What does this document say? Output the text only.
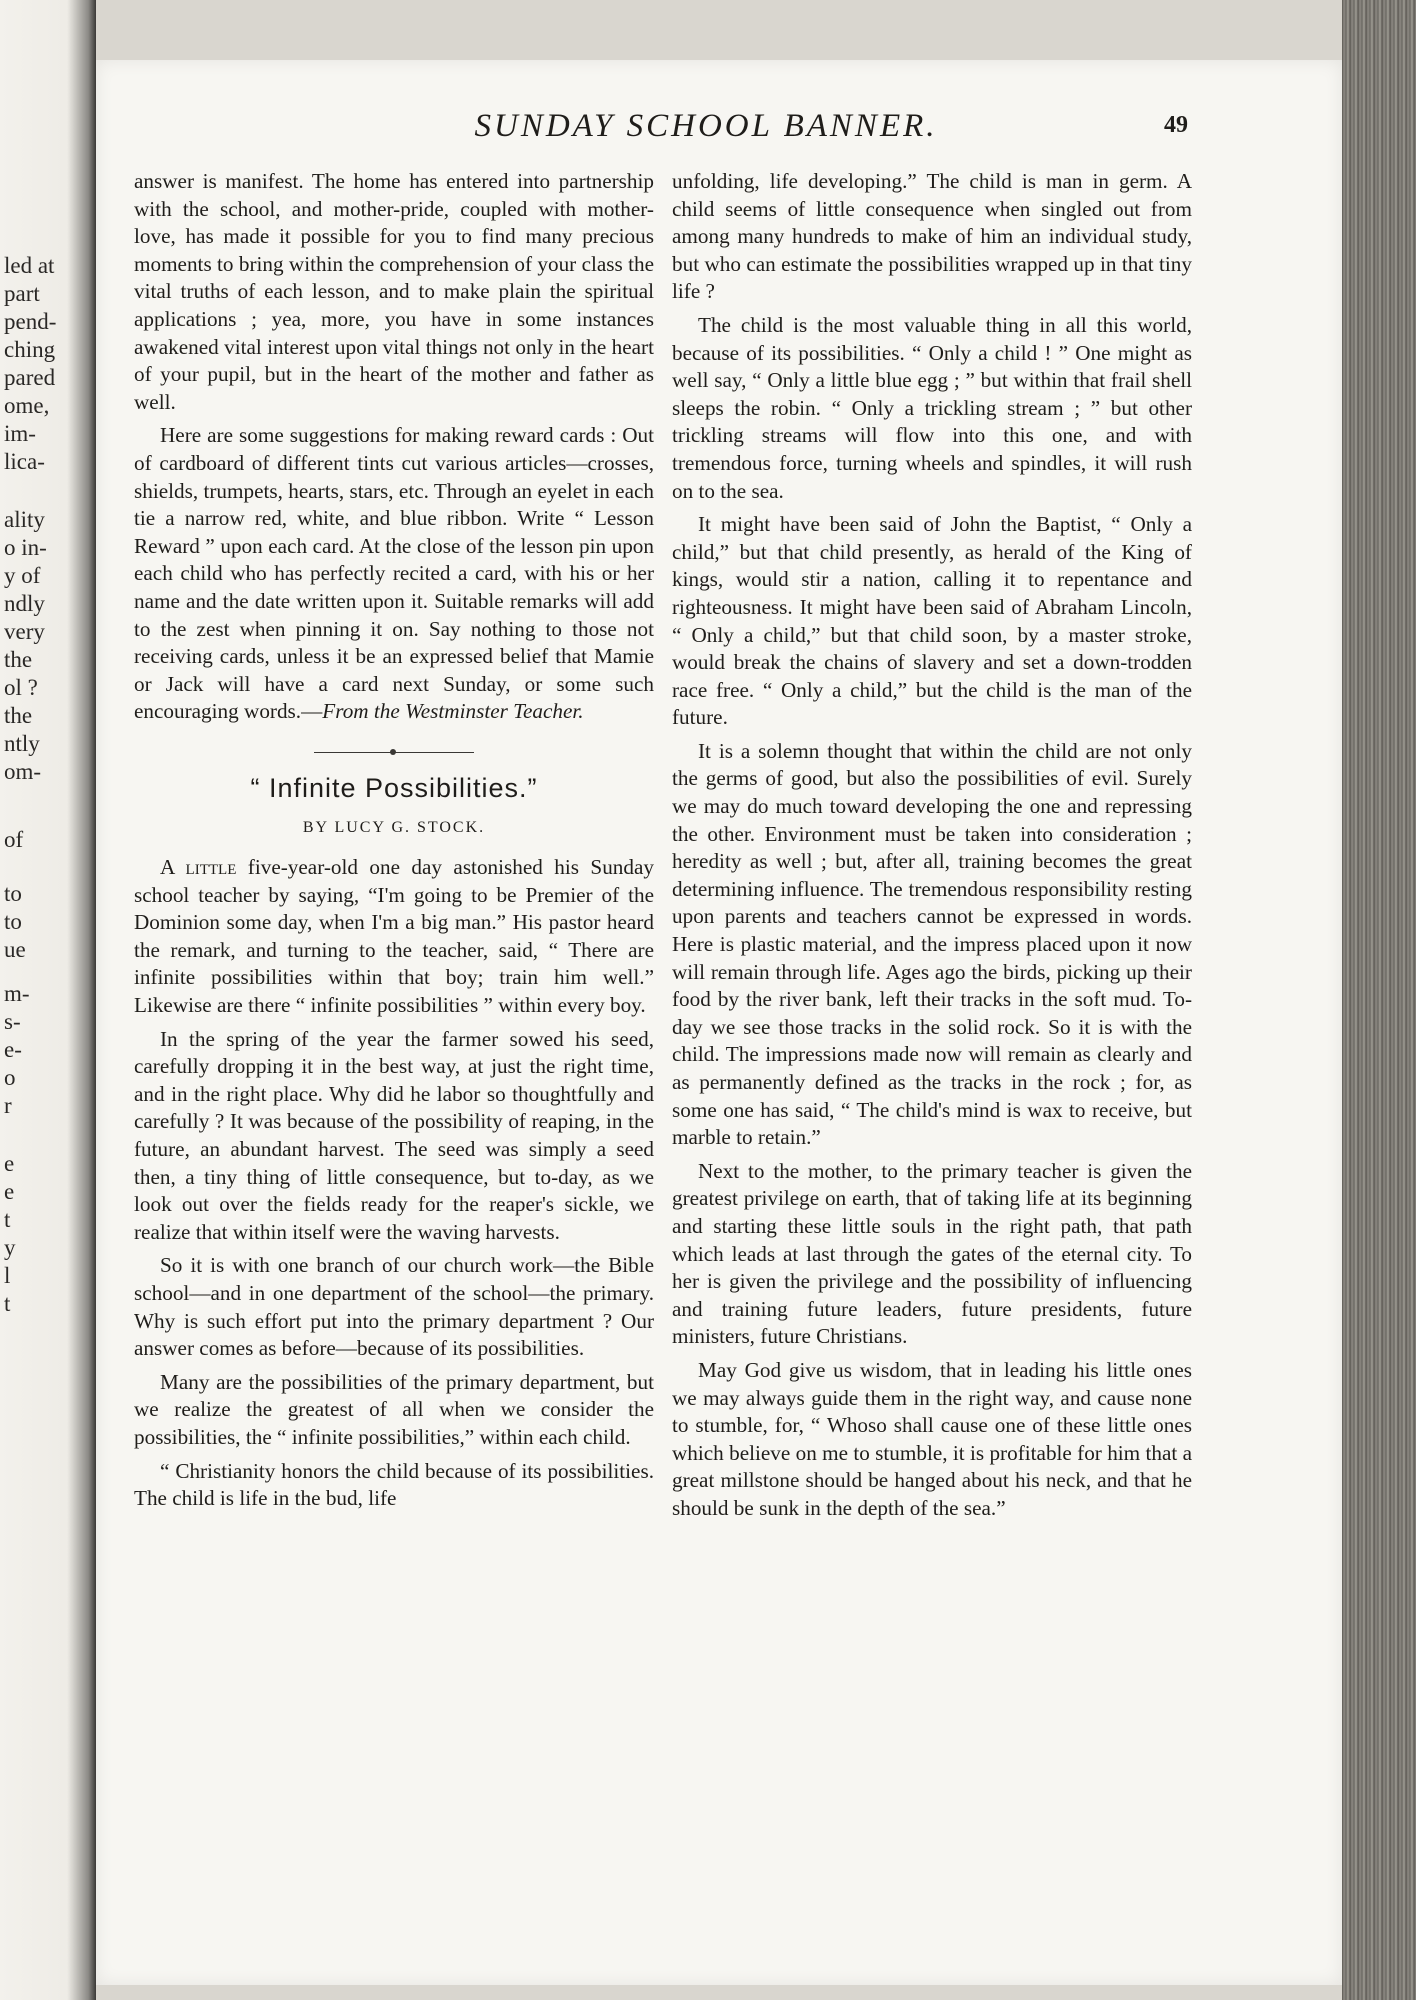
led at
part
pend-
ching
pared
ome,
im-
lica-
ality
o in-
y of
ndly
very
the
ol ?
the
ntly
om-
of
to
to
ue
m-
s-
e-
o
r
e
e
t
y
l
t
SUNDAY SCHOOL BANNER.	49

answer is manifest. The home has entered into partnership with the school, and mother-pride, coupled with mother-love, has made it possible for you to find many precious moments to bring within the comprehension of your class the vital truths of each lesson, and to make plain the spiritual applications ; yea, more, you have in some instances awakened vital interest upon vital things not only in the heart of your pupil, but in the heart of the mother and father as well.

Here are some suggestions for making reward cards : Out of cardboard of different tints cut various articles—crosses, shields, trumpets, hearts, stars, etc. Through an eyelet in each tie a narrow red, white, and blue ribbon. Write “ Lesson Reward ” upon each card. At the close of the lesson pin upon each child who has perfectly recited a card, with his or her name and the date written upon it. Suitable remarks will add to the zest when pinning it on. Say nothing to those not receiving cards, unless it be an expressed belief that Mamie or Jack will have a card next Sunday, or some such encouraging words.—From the Westminster Teacher.

“ Infinite Possibilities.”
BY LUCY G. STOCK.

A little five-year-old one day astonished his Sunday school teacher by saying, “I'm going to be Premier of the Dominion some day, when I'm a big man.” His pastor heard the remark, and turning to the teacher, said, “ There are infinite possibilities within that boy; train him well.” Likewise are there “ infinite possibilities ” within every boy.

In the spring of the year the farmer sowed his seed, carefully dropping it in the best way, at just the right time, and in the right place. Why did he labor so thoughtfully and carefully ? It was because of the possibility of reaping, in the future, an abundant harvest. The seed was simply a seed then, a tiny thing of little consequence, but to-day, as we look out over the fields ready for the reaper's sickle, we realize that within itself were the waving harvests.

So it is with one branch of our church work—the Bible school—and in one department of the school—the primary. Why is such effort put into the primary department ? Our answer comes as before—because of its possibilities.

Many are the possibilities of the primary department, but we realize the greatest of all when we consider the possibilities, the “ infinite possibilities,” within each child.

“ Christianity honors the child because of its possibilities. The child is life in the bud, life

unfolding, life developing.” The child is man in germ. A child seems of little consequence when singled out from among many hundreds to make of him an individual study, but who can estimate the possibilities wrapped up in that tiny life ?

The child is the most valuable thing in all this world, because of its possibilities. “ Only a child ! ” One might as well say, “ Only a little blue egg ; ” but within that frail shell sleeps the robin. “ Only a trickling stream ; ” but other trickling streams will flow into this one, and with tremendous force, turning wheels and spindles, it will rush on to the sea.

It might have been said of John the Baptist, “ Only a child,” but that child presently, as herald of the King of kings, would stir a nation, calling it to repentance and righteousness. It might have been said of Abraham Lincoln, “ Only a child,” but that child soon, by a master stroke, would break the chains of slavery and set a down-trodden race free. “ Only a child,” but the child is the man of the future.

It is a solemn thought that within the child are not only the germs of good, but also the possibilities of evil. Surely we may do much toward developing the one and repressing the other. Environment must be taken into consideration ; heredity as well ; but, after all, training becomes the great determining influence. The tremendous responsibility resting upon parents and teachers cannot be expressed in words. Here is plastic material, and the impress placed upon it now will remain through life. Ages ago the birds, picking up their food by the river bank, left their tracks in the soft mud. To-day we see those tracks in the solid rock. So it is with the child. The impressions made now will remain as clearly and as permanently defined as the tracks in the rock ; for, as some one has said, “ The child's mind is wax to receive, but marble to retain.”

Next to the mother, to the primary teacher is given the greatest privilege on earth, that of taking life at its beginning and starting these little souls in the right path, that path which leads at last through the gates of the eternal city. To her is given the privilege and the possibility of influencing and training future leaders, future presidents, future ministers, future Christians.

May God give us wisdom, that in leading his little ones we may always guide them in the right way, and cause none to stumble, for, “ Whoso shall cause one of these little ones which believe on me to stumble, it is profitable for him that a great millstone should be hanged about his neck, and that he should be sunk in the depth of the sea.”
